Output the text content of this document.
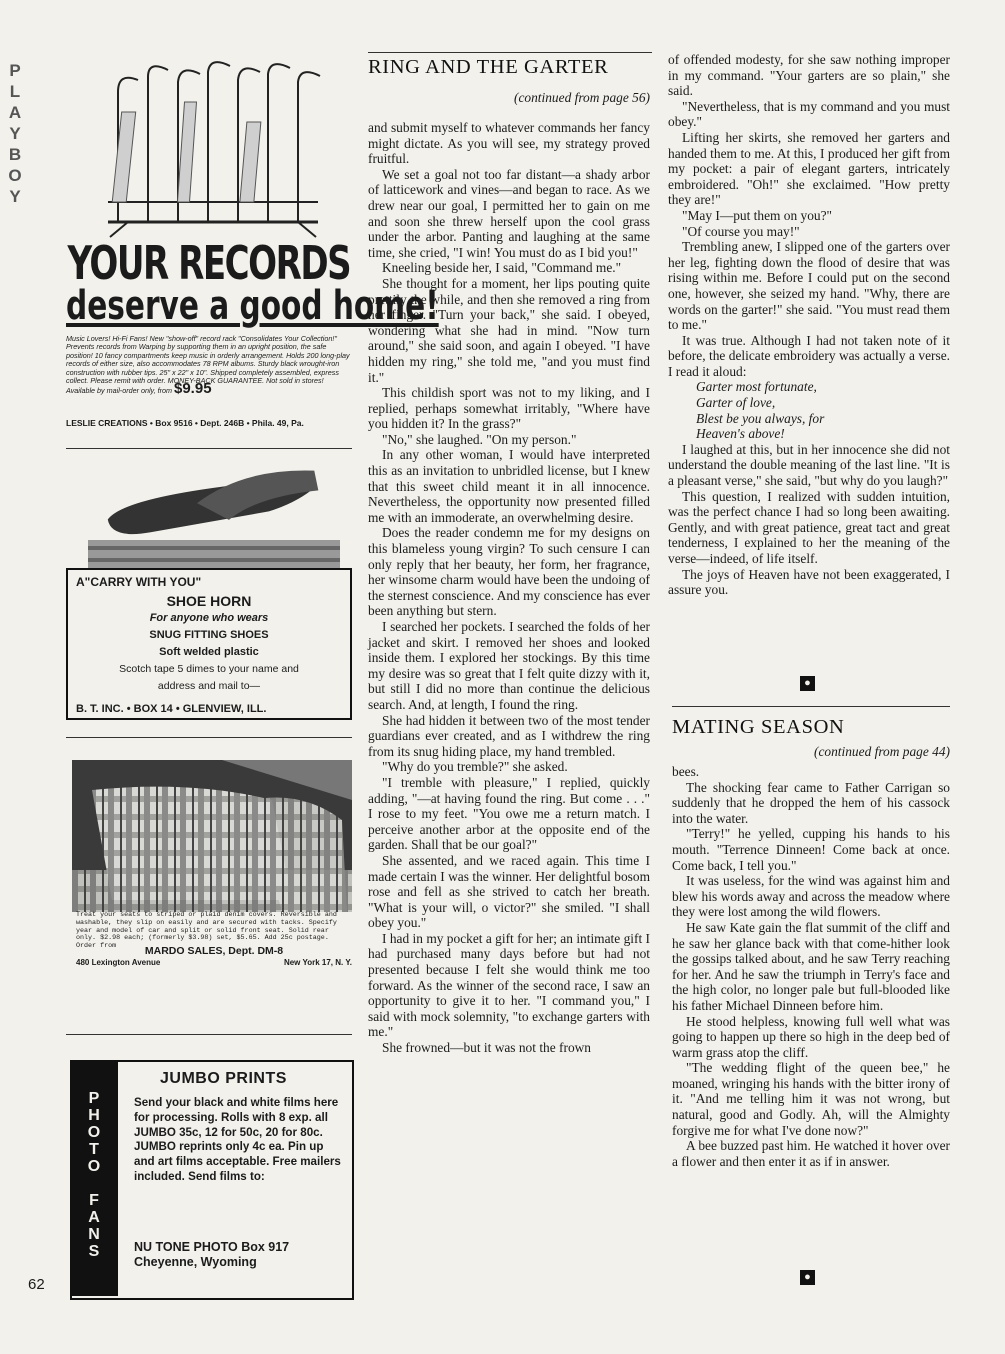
P
L
A
Y
B
O
Y
62
YOUR RECORDS
deserve a good home!
Music Lovers! Hi-Fi Fans! New "show-off" record rack "Consolidates Your Collection!" Prevents records from Warping by supporting them in an upright position, the safe position! 10 fancy compartments keep music in orderly arrangement. Holds 200 long-play records of either size, also accommodates 78 RPM albums. Sturdy black wrought-iron construction with rubber tips. 25" x 22" x 10". Shipped completely assembled, express collect. Please remit with order. MONEY-BACK GUARANTEE. Not sold in stores! Available by mail-order only, from $9.95
LESLIE CREATIONS • Box 9516 • Dept. 246B • Phila. 49, Pa.
A"CARRY WITH YOU"
SHOE HORN
For anyone who wears
SNUG FITTING SHOES
Soft welded plastic
Scotch tape 5 dimes to your name and
address and mail to—
B. T. INC. • BOX 14 • GLENVIEW, ILL.
Treat your seats to striped or plaid denim covers. Reversible and washable, they slip on easily and are secured with tacks. Specify year and model of car and split or solid front seat. Solid rear only. $2.98 each; (formerly $3.98) set, $5.65. Add 25c postage. Order from	MARDO SALES, Dept. DM-8
480 Lexington Avenue	New York 17, N. Y.
P
H
O
T
O

F
A
N
S
JUMBO PRINTS
Send your black and white films here for processing. Rolls with 8 exp. all JUMBO 35c, 12 for 50c, 20 for 80c. JUMBO reprints only 4c ea. Pin up and art films acceptable. Free mailers included. Send films to:
NU TONE PHOTO Box 917
Cheyenne, Wyoming
RING AND THE GARTER
(continued from page 56)

and submit myself to whatever commands her fancy might dictate. As you will see, my strategy proved fruitful.

We set a goal not too far distant—a shady arbor of latticework and vines—and began to race. As we drew near our goal, I permitted her to gain on me and soon she threw herself upon the cool grass under the arbor. Panting and laughing at the same time, she cried, "I win! You must do as I bid you!"

Kneeling beside her, I said, "Command me."

She thought for a moment, her lips pouting quite prettily the while, and then she removed a ring from her finger. "Turn your back," she said. I obeyed, wondering what she had in mind. "Now turn around," she said soon, and again I obeyed. "I have hidden my ring," she told me, "and you must find it."

This childish sport was not to my liking, and I replied, perhaps somewhat irritably, "Where have you hidden it? In the grass?"

"No," she laughed. "On my person."

In any other woman, I would have interpreted this as an invitation to unbridled license, but I knew that this sweet child meant it in all innocence. Nevertheless, the opportunity now presented filled me with an immoderate, an overwhelming desire.

Does the reader condemn me for my designs on this blameless young virgin? To such censure I can only reply that her beauty, her form, her fragrance, her winsome charm would have been the undoing of the sternest conscience. And my conscience has ever been anything but stern.

I searched her pockets. I searched the folds of her jacket and skirt. I removed her shoes and looked inside them. I explored her stockings. By this time my desire was so great that I felt quite dizzy with it, but still I did no more than continue the delicious search. And, at length, I found the ring.

She had hidden it between two of the most tender guardians ever created, and as I withdrew the ring from its snug hiding place, my hand trembled.

"Why do you tremble?" she asked.

"I tremble with pleasure," I replied, quickly adding, "—at having found the ring. But come . . ." I rose to my feet. "You owe me a return match. I perceive another arbor at the opposite end of the garden. Shall that be our goal?"

She assented, and we raced again. This time I made certain I was the winner. Her delightful bosom rose and fell as she strived to catch her breath. "What is your will, o victor?" she smiled. "I shall obey you."

I had in my pocket a gift for her; an intimate gift I had purchased many days before but had not presented because I felt she would think me too forward. As the winner of the second race, I saw an opportunity to give it to her. "I command you," I said with mock solemnity, "to exchange garters with me."

She frowned—but it was not the frown

of offended modesty, for she saw nothing improper in my command. "Your garters are so plain," she said.

"Nevertheless, that is my command and you must obey."

Lifting her skirts, she removed her garters and handed them to me. At this, I produced her gift from my pocket: a pair of elegant garters, intricately embroidered. "Oh!" she exclaimed. "How pretty they are!"

"May I—put them on you?"

"Of course you may!"

Trembling anew, I slipped one of the garters over her leg, fighting down the flood of desire that was rising within me. Before I could put on the second one, however, she seized my hand. "Why, there are words on the garter!" she said. "You must read them to me."

It was true. Although I had not taken note of it before, the delicate embroidery was actually a verse. I read it aloud:

Garter most fortunate,
Garter of love,
Blest be you always, for
Heaven's above!

I laughed at this, but in her innocence she did not understand the double meaning of the last line. "It is a pleasant verse," she said, "but why do you laugh?"

This question, I realized with sudden intuition, was the perfect chance I had so long been awaiting. Gently, and with great patience, great tact and great tenderness, I explained to her the meaning of the verse—indeed, of life itself.

The joys of Heaven have not been exaggerated, I assure you.

●
MATING SEASON
(continued from page 44)

bees.

The shocking fear came to Father Carrigan so suddenly that he dropped the hem of his cassock into the water.

"Terry!" he yelled, cupping his hands to his mouth. "Terrence Dinneen! Come back at once. Come back, I tell you."

It was useless, for the wind was against him and blew his words away and across the meadow where they were lost among the wild flowers.

He saw Kate gain the flat summit of the cliff and he saw her glance back with that come-hither look the gossips talked about, and he saw Terry reaching for her. And he saw the triumph in Terry's face and the high color, no longer pale but full-blooded like his father Michael Dinneen before him.

He stood helpless, knowing full well what was going to happen up there so high in the deep bed of warm grass atop the cliff.

"The wedding flight of the queen bee," he moaned, wringing his hands with the bitter irony of it. "And me telling him it was not wrong, but natural, good and Godly. Ah, will the Almighty forgive me for what I've done now?"

A bee buzzed past him. He watched it hover over a flower and then enter it as if in answer.

●
